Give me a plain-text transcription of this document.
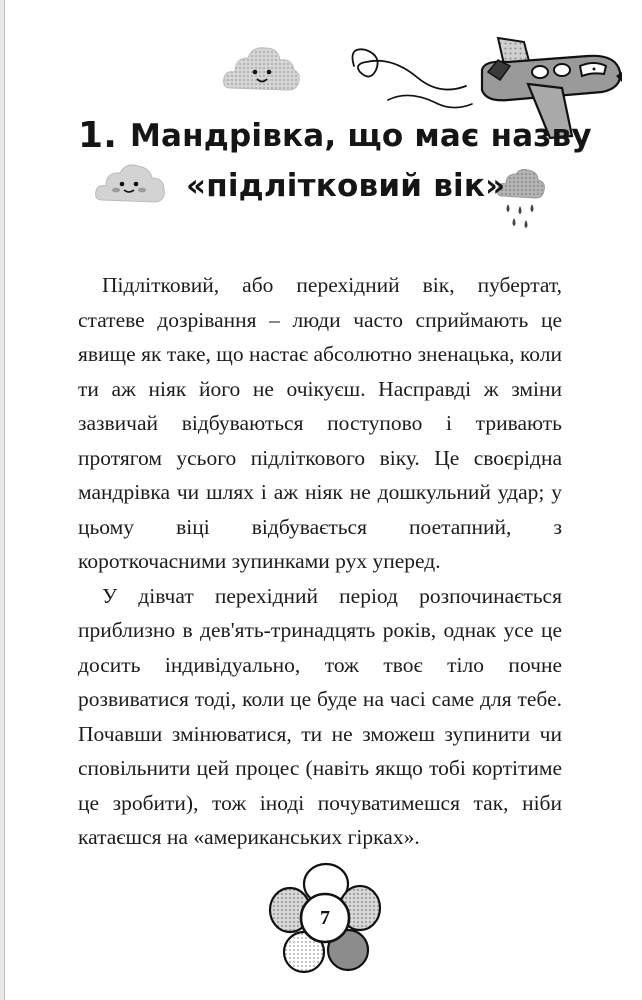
1. Мандрівка, що має назву
«підлітковий вік»

Підлітковий, або перехідний вік, пубертат, статеве дозрівання – люди часто сприймають це явище як таке, що настає абсолютно зненацька, коли ти аж ніяк його не очікуєш. Насправді ж зміни зазвичай відбуваються поступово і тривають протягом усього підліткового віку. Це своєрідна мандрівка чи шлях і аж ніяк не дошкульний удар; у цьому віці відбувається поетапний, з короткочасними зупинками рух уперед.

У дівчат перехідний період розпочинається приблизно в дев'ять-тринадцять років, однак усе це досить індивідуально, тож твоє тіло почне розвиватися тоді, коли це буде на часі саме для тебе. Почавши змінюватися, ти не зможеш зупинити чи сповільнити цей процес (навіть якщо тобі кортітиме це зробити), тож іноді почуватимешся так, ніби катаєшся на «американських гірках».

7
